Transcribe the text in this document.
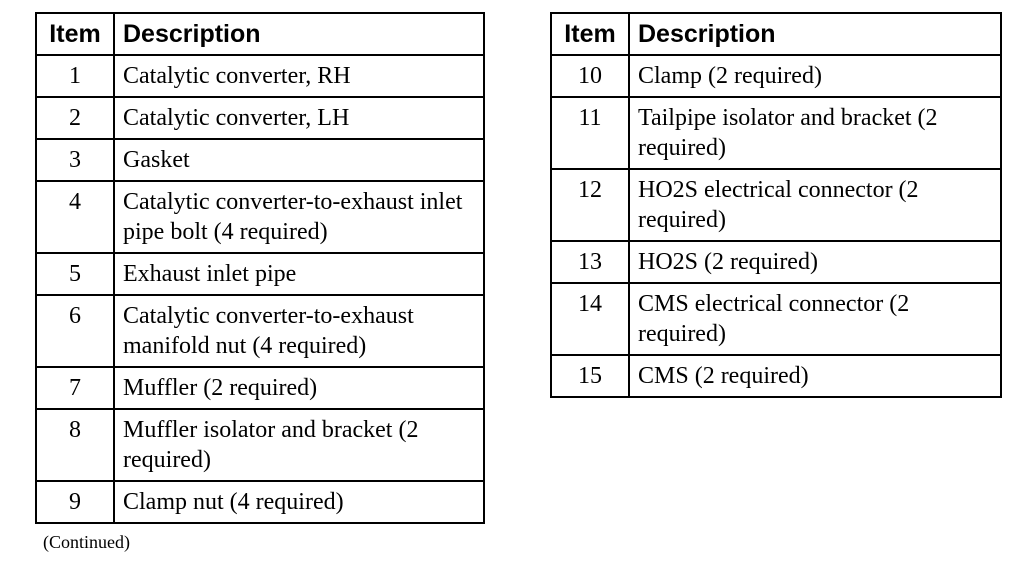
Item	Description
1	Catalytic converter, RH
2	Catalytic converter, LH
3	Gasket
4	Catalytic converter-to-exhaust inlet pipe bolt (4 required)
5	Exhaust inlet pipe
6	Catalytic converter-to-exhaust manifold nut (4 required)
7	Muffler (2 required)
8	Muffler isolator and bracket (2 required)
9	Clamp nut (4 required)
Item	Description
10	Clamp (2 required)
11	Tailpipe isolator and bracket (2 required)
12	HO2S electrical connector (2 required)
13	HO2S (2 required)
14	CMS electrical connector (2 required)
15	CMS (2 required)
(Continued)
